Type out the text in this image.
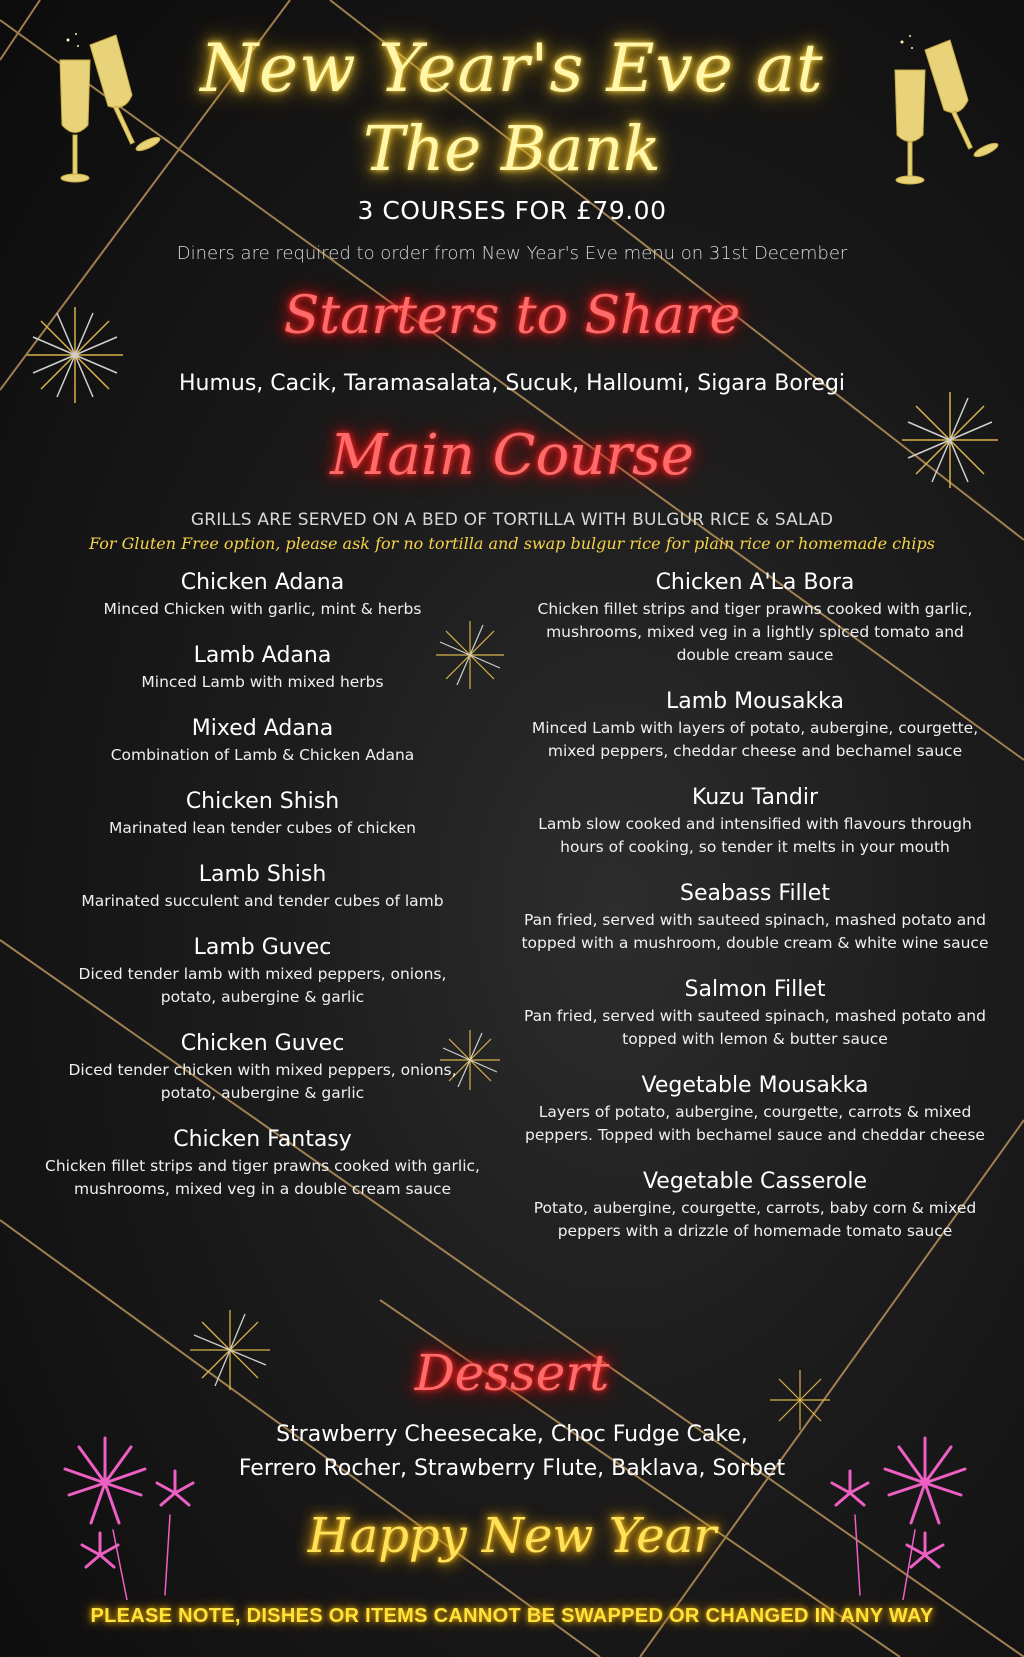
New Year's Eve at
The Bank
3 COURSES FOR £79.00
Diners are required to order from New Year's Eve menu on 31st December
Starters to Share
Humus, Cacik, Taramasalata, Sucuk, Halloumi, Sigara Boregi
Main Course
GRILLS ARE SERVED ON A BED OF TORTILLA WITH BULGUR RICE & SALAD
For Gluten Free option, please ask for no tortilla and swap bulgur rice for plain rice or homemade chips
Chicken Adana
Minced Chicken with garlic, mint & herbs
Lamb Adana
Minced Lamb with mixed herbs
Mixed Adana
Combination of Lamb & Chicken Adana
Chicken Shish
Marinated lean tender cubes of chicken
Lamb Shish
Marinated succulent and tender cubes of lamb
Lamb Guvec
Diced tender lamb with mixed peppers, onions, potato, aubergine & garlic
Chicken Guvec
Diced tender chicken with mixed peppers, onions, potato, aubergine & garlic
Chicken Fantasy
Chicken fillet strips and tiger prawns cooked with garlic, mushrooms, mixed veg in a double cream sauce
Chicken A'La Bora
Chicken fillet strips and tiger prawns cooked with garlic, mushrooms, mixed veg in a lightly spiced tomato and double cream sauce
Lamb Mousakka
Minced Lamb with layers of potato, aubergine, courgette, mixed peppers, cheddar cheese and bechamel sauce
Kuzu Tandir
Lamb slow cooked and intensified with flavours through hours of cooking, so tender it melts in your mouth
Seabass Fillet
Pan fried, served with sauteed spinach, mashed potato and topped with a mushroom, double cream & white wine sauce
Salmon Fillet
Pan fried, served with sauteed spinach, mashed potato and topped with lemon & butter sauce
Vegetable Mousakka
Layers of potato, aubergine, courgette, carrots & mixed peppers. Topped with bechamel sauce and cheddar cheese
Vegetable Casserole
Potato, aubergine, courgette, carrots, baby corn & mixed peppers with a drizzle of homemade tomato sauce
Dessert
Strawberry Cheesecake, Choc Fudge Cake,
Ferrero Rocher, Strawberry Flute, Baklava, Sorbet
Happy New Year
PLEASE NOTE, DISHES OR ITEMS CANNOT BE SWAPPED OR CHANGED IN ANY WAY
